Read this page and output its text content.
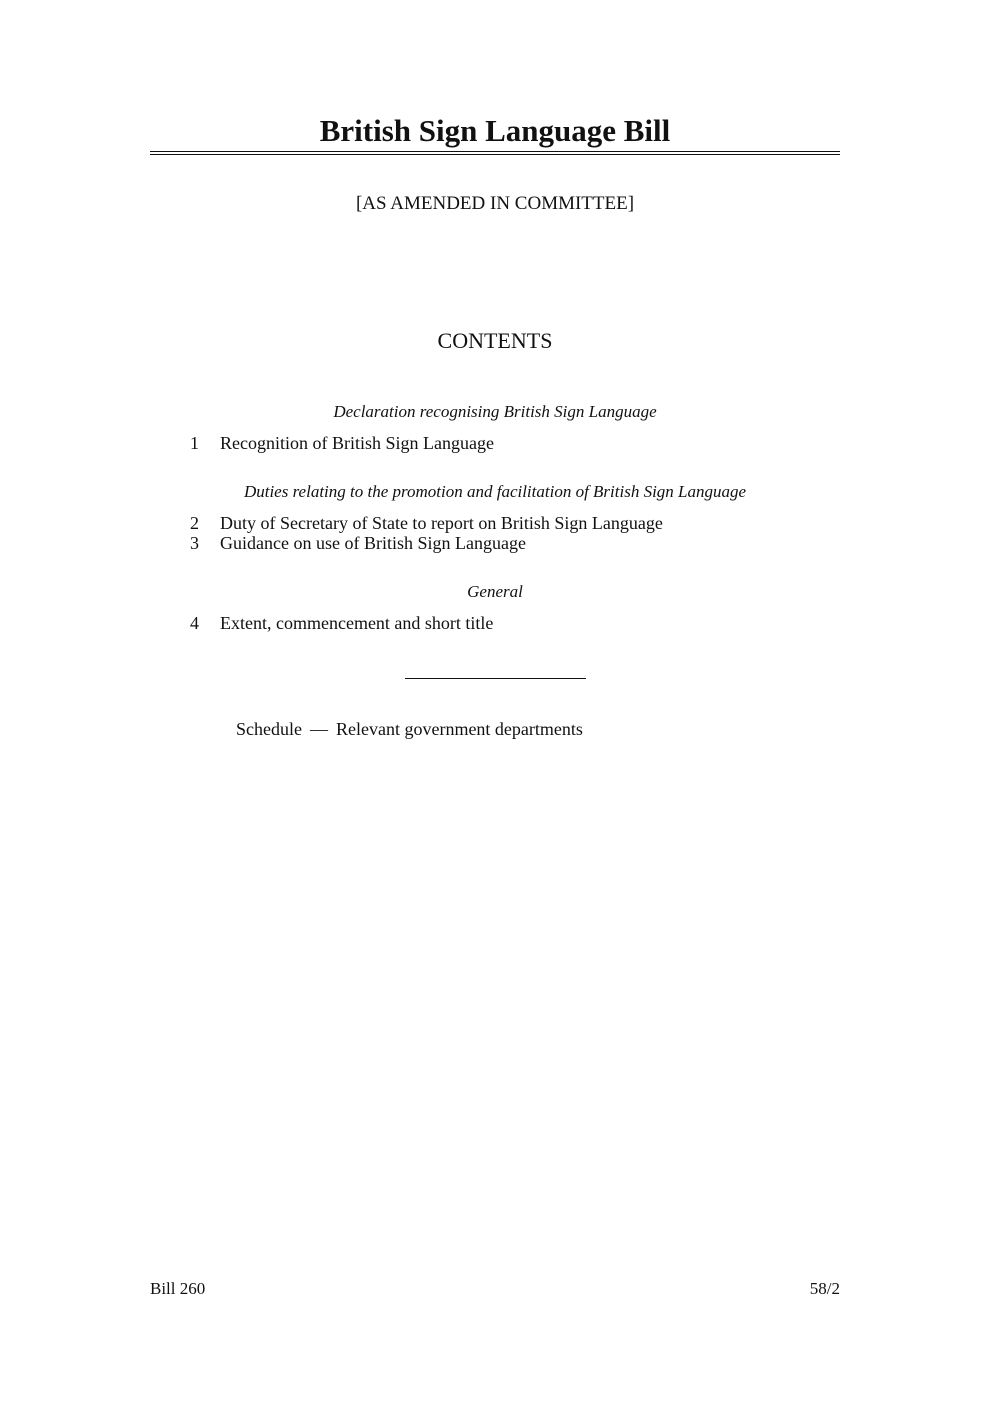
British Sign Language Bill
[AS AMENDED IN COMMITTEE]
CONTENTS
Declaration recognising British Sign Language
1 Recognition of British Sign Language
Duties relating to the promotion and facilitation of British Sign Language
2 Duty of Secretary of State to report on British Sign Language
3 Guidance on use of British Sign Language
General
4 Extent, commencement and short title
Schedule — Relevant government departments
Bill 260	58/2
